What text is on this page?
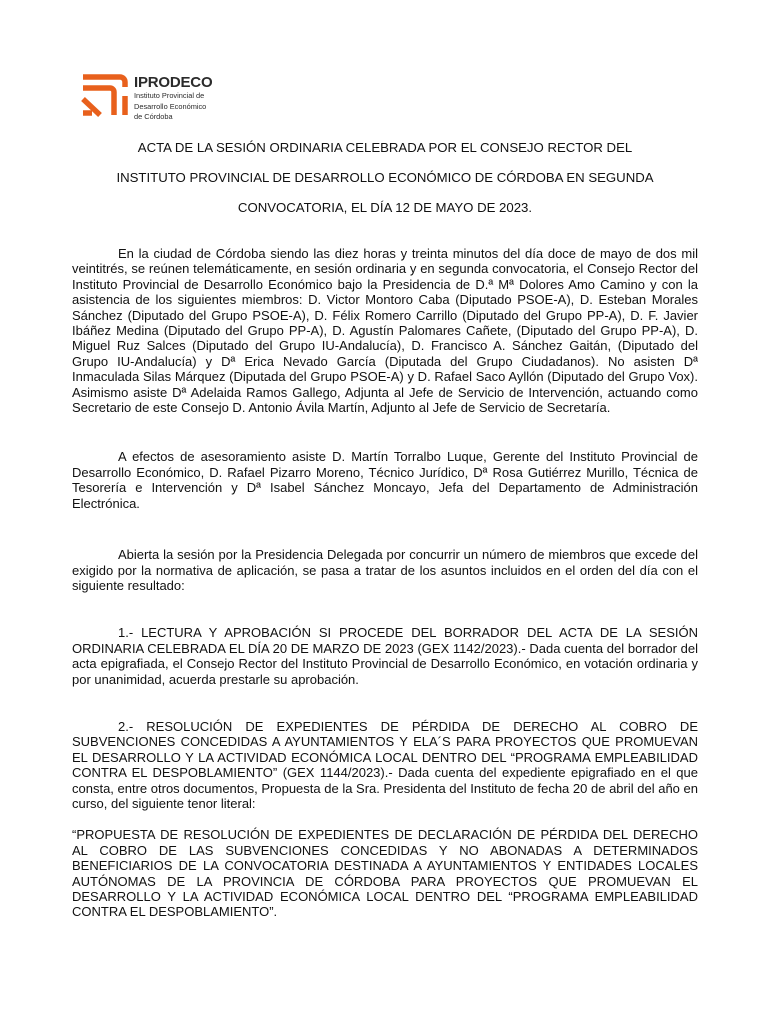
IPRODECO
Instituto Provincial de
Desarrollo Económico
de Córdoba
ACTA DE LA SESIÓN ORDINARIA CELEBRADA POR EL CONSEJO RECTOR DEL
INSTITUTO PROVINCIAL DE DESARROLLO ECONÓMICO DE CÓRDOBA EN SEGUNDA
CONVOCATORIA, EL DÍA 12 DE MAYO DE 2023.

En la ciudad de Córdoba siendo las diez horas y treinta minutos del día doce de mayo de dos mil veintitrés, se reúnen telemáticamente, en sesión ordinaria y en segunda convocatoria, el Consejo Rector del Instituto Provincial de Desarrollo Económico bajo la Presidencia de D.ª Mª Dolores Amo Camino y con la asistencia de los siguientes miembros: D. Victor Montoro Caba (Diputado PSOE-A), D. Esteban Morales Sánchez (Diputado del Grupo PSOE-A), D. Félix Romero Carrillo (Diputado del Grupo PP-A), D. F. Javier Ibáñez Medina (Diputado del Grupo PP-A), D. Agustín Palomares Cañete, (Diputado del Grupo PP-A), D. Miguel Ruz Salces (Diputado del Grupo IU-Andalucía), D. Francisco A. Sánchez Gaitán, (Diputado del Grupo IU-Andalucía) y Dª Erica Nevado García (Diputada del Grupo Ciudadanos). No asisten Dª Inmaculada Silas Márquez (Diputada del Grupo PSOE-A) y D. Rafael Saco Ayllón (Diputado del Grupo Vox). Asimismo asiste Dª Adelaida Ramos Gallego, Adjunta al Jefe de Servicio de Intervención, actuando como Secretario de este Consejo D. Antonio Ávila Martín, Adjunto al Jefe de Servicio de Secretaría.

A efectos de asesoramiento asiste D. Martín Torralbo Luque, Gerente del Instituto Provincial de Desarrollo Económico, D. Rafael Pizarro Moreno, Técnico Jurídico, Dª Rosa Gutiérrez Murillo, Técnica de Tesorería e Intervención y Dª Isabel Sánchez Moncayo, Jefa del Departamento de Administración Electrónica.

Abierta la sesión por la Presidencia Delegada por concurrir un número de miembros que excede del exigido por la normativa de aplicación, se pasa a tratar de los asuntos incluidos en el orden del día con el siguiente resultado:

1.- LECTURA Y APROBACIÓN SI PROCEDE DEL BORRADOR DEL ACTA DE LA SESIÓN ORDINARIA CELEBRADA EL DÍA 20 DE MARZO DE 2023 (GEX 1142/2023).- Dada cuenta del borrador del acta epigrafiada, el Consejo Rector del Instituto Provincial de Desarrollo Económico, en votación ordinaria y por unanimidad, acuerda prestarle su aprobación.

2.- RESOLUCIÓN DE EXPEDIENTES DE PÉRDIDA DE DERECHO AL COBRO DE SUBVENCIONES CONCEDIDAS A AYUNTAMIENTOS Y ELA´S PARA PROYECTOS QUE PROMUEVAN EL DESARROLLO Y LA ACTIVIDAD ECONÓMICA LOCAL DENTRO DEL “PROGRAMA EMPLEABILIDAD CONTRA EL DESPOBLAMIENTO” (GEX 1144/2023).- Dada cuenta del expediente epigrafiado en el que consta, entre otros documentos, Propuesta de la Sra. Presidenta del Instituto de fecha 20 de abril del año en curso, del siguiente tenor literal:

“PROPUESTA DE RESOLUCIÓN DE EXPEDIENTES DE DECLARACIÓN DE PÉRDIDA DEL DERECHO AL COBRO DE LAS SUBVENCIONES CONCEDIDAS Y NO ABONADAS A DETERMINADOS BENEFICIARIOS DE LA CONVOCATORIA DESTINADA A AYUNTAMIENTOS Y ENTIDADES LOCALES AUTÓNOMAS DE LA PROVINCIA DE CÓRDOBA PARA PROYECTOS QUE PROMUEVAN EL DESARROLLO Y LA ACTIVIDAD ECONÓMICA LOCAL DENTRO DEL “PROGRAMA EMPLEABILIDAD CONTRA EL DESPOBLAMIENTO”.
